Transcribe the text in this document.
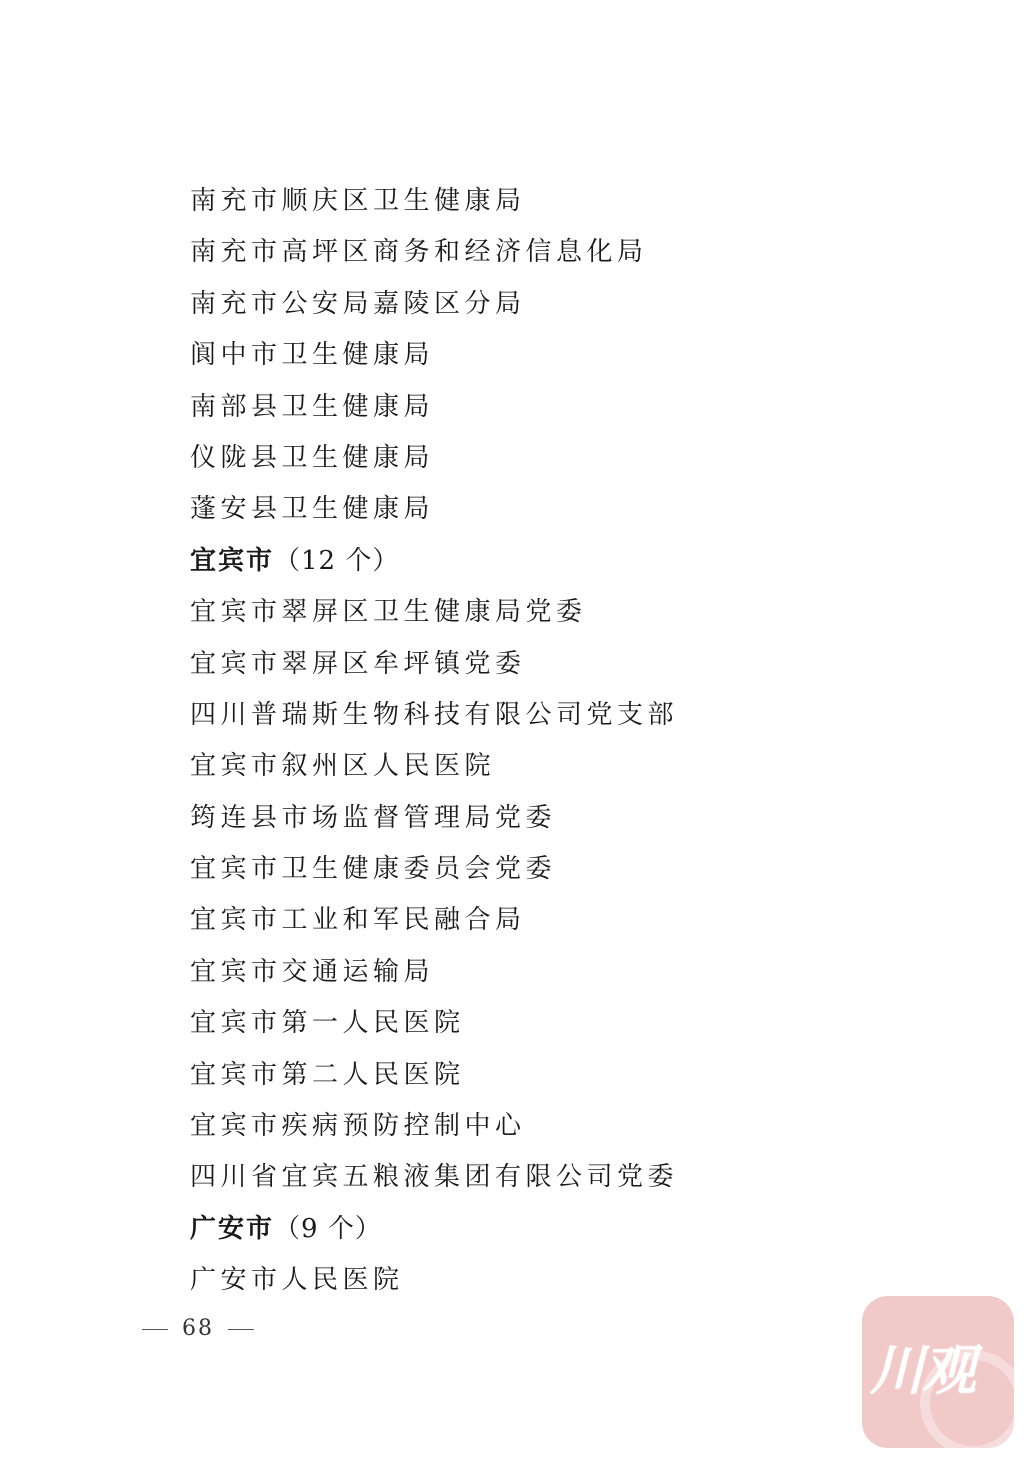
南充市顺庆区卫生健康局
南充市高坪区商务和经济信息化局
南充市公安局嘉陵区分局
阆中市卫生健康局
南部县卫生健康局
仪陇县卫生健康局
蓬安县卫生健康局
宜宾市（12 个）
宜宾市翠屏区卫生健康局党委
宜宾市翠屏区牟坪镇党委
四川普瑞斯生物科技有限公司党支部
宜宾市叙州区人民医院
筠连县市场监督管理局党委
宜宾市卫生健康委员会党委
宜宾市工业和军民融合局
宜宾市交通运输局
宜宾市第一人民医院
宜宾市第二人民医院
宜宾市疾病预防控制中心
四川省宜宾五粮液集团有限公司党委
广安市（9 个）
广安市人民医院
68
川观
